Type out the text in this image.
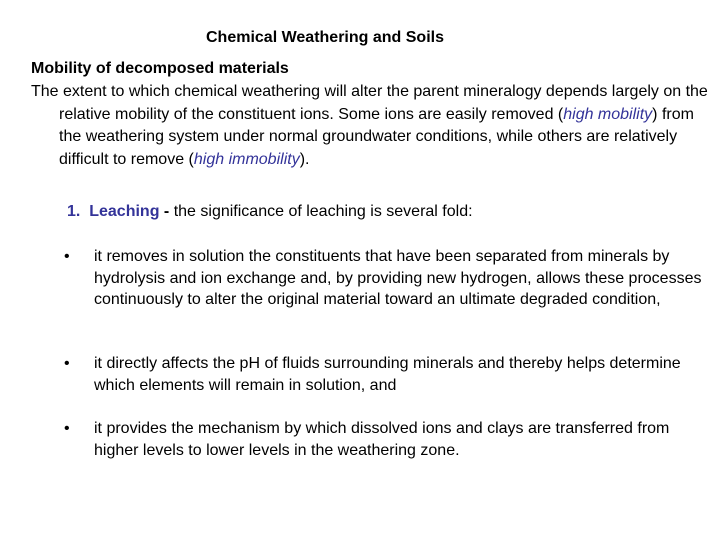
Chemical Weathering and Soils
Mobility of decomposed materials
The extent to which chemical weathering will alter the parent mineralogy depends largely on the relative mobility of the constituent ions. Some ions are easily removed (high mobility) from the weathering system under normal groundwater conditions, while others are relatively difficult to remove (high immobility).
1. Leaching - the significance of leaching is several fold:
•	it removes in solution the constituents that have been separated from minerals by hydrolysis and ion exchange and, by providing new hydrogen, allows these processes continuously to alter the original material toward an ultimate degraded condition,
•	it directly affects the pH of fluids surrounding minerals and thereby helps determine which elements will remain in solution, and
•	it provides the mechanism by which dissolved ions and clays are transferred from higher levels to lower levels in the weathering zone.
